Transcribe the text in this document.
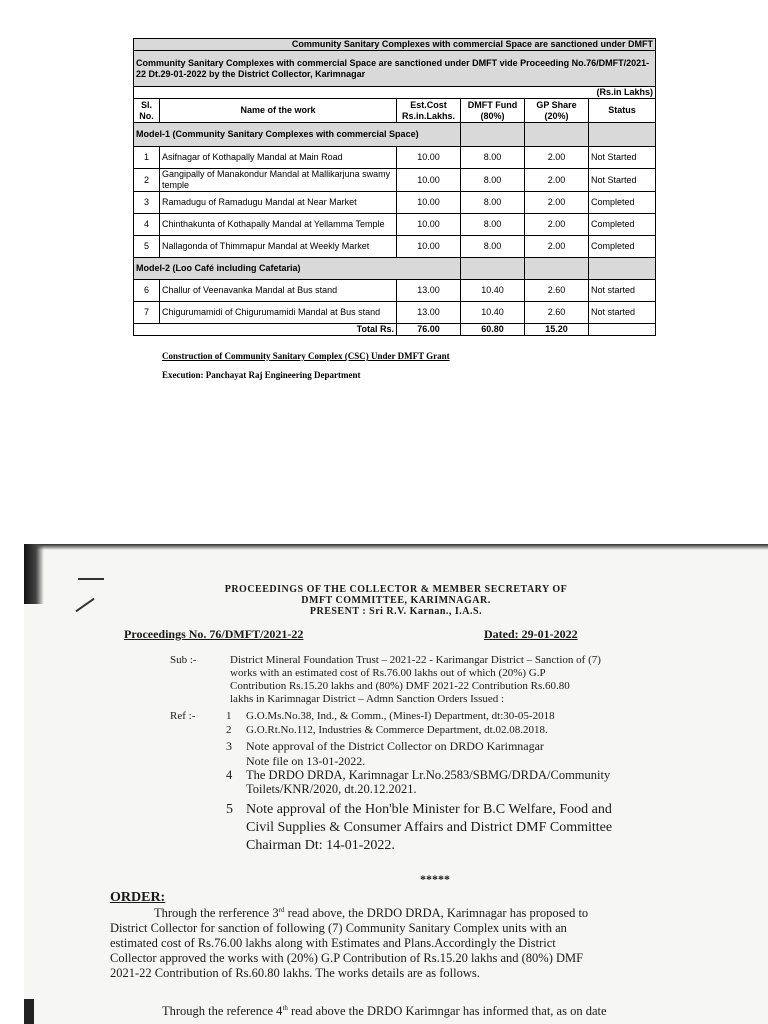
Community Sanitary Complexes with commercial Space are sanctioned under DMFT					
Community Sanitary Complexes with commercial Space are sanctioned under DMFT vide Proceeding No.76/DMFT/2021-22 Dt.29-01-2022 by the District Collector, Karimnagar					
					(Rs.in Lakhs)
Sl. No.	Name of the work	Est.Cost Rs.in.Lakhs.	DMFT Fund (80%)	GP Share (20%)	Status
Model-1 (Community Sanitary Complexes with commercial Space)					
1	Asifnagar of Kothapally Mandal at Main Road	10.00	8.00	2.00	Not Started
2	Gangipally of Manakondur Mandal at Mallikarjuna swamy temple	10.00	8.00	2.00	Not Started
3	Ramadugu of Ramadugu Mandal at Near Market	10.00	8.00	2.00	Completed
4	Chinthakunta of Kothapally Mandal at Yellamma Temple	10.00	8.00	2.00	Completed
5	Nallagonda of Thimmapur Mandal at Weekly Market	10.00	8.00	2.00	Completed
Model-2 (Loo Café including Cafetaria)					
6	Challur of Veenavanka Mandal at Bus stand	13.00	10.40	2.60	Not started
7	Chigurumamidi of Chigurumamidi Mandal at Bus stand	13.00	10.40	2.60	Not started
	Total Rs.	76.00	60.80	15.20	
Construction of Community Sanitary Complex (CSC) Under DMFT Grant
Execution: Panchayat Raj Engineering Department
PROCEEDINGS OF THE COLLECTOR & MEMBER SECRETARY OF
DMFT COMMITTEE, KARIMNAGAR.
PRESENT : Sri R.V. Karnan., I.A.S.
Proceedings No. 76/DMFT/2021-22	Dated: 29-01-2022
Sub :-	District Mineral Foundation Trust – 2021-22 - Karimangar District – Sanction of (7)
works with an estimated cost of Rs.76.00 lakhs out of which (20%) G.P
Contribution Rs.15.20 lakhs and (80%) DMF 2021-22 Contribution Rs.60.80
lakhs in Karimnagar District – Admn Sanction Orders Issued :
Ref :-	1 G.O.Ms.No.38, Ind., & Comm., (Mines-I) Department, dt:30-05-2018
2 G.O.Rt.No.112, Industries & Commerce Department, dt.02.08.2018.
3 Note approval of the District Collector on DRDO Karimnagar
Note file on 13-01-2022.
4 The DRDO DRDA, Karimnagar Lr.No.2583/SBMG/DRDA/Community
Toilets/KNR/2020, dt.20.12.2021.
5 Note approval of the Hon'ble Minister for B.C Welfare, Food and
Civil Supplies & Consumer Affairs and District DMF Committee
Chairman Dt: 14-01-2022.
*****
ORDER:
Through the rerference 3rd read above, the DRDO DRDA, Karimnagar has proposed to
District Collector for sanction of following (7) Community Sanitary Complex units with an
estimated cost of Rs.76.00 lakhs along with Estimates and Plans.Accordingly the District
Collector approved the works with (20%) G.P Contribution of Rs.15.20 lakhs and (80%) DMF
2021-22 Contribution of Rs.60.80 lakhs. The works details are as follows.
Through the reference 4th read above the DRDO Karimngar has informed that, as on date
